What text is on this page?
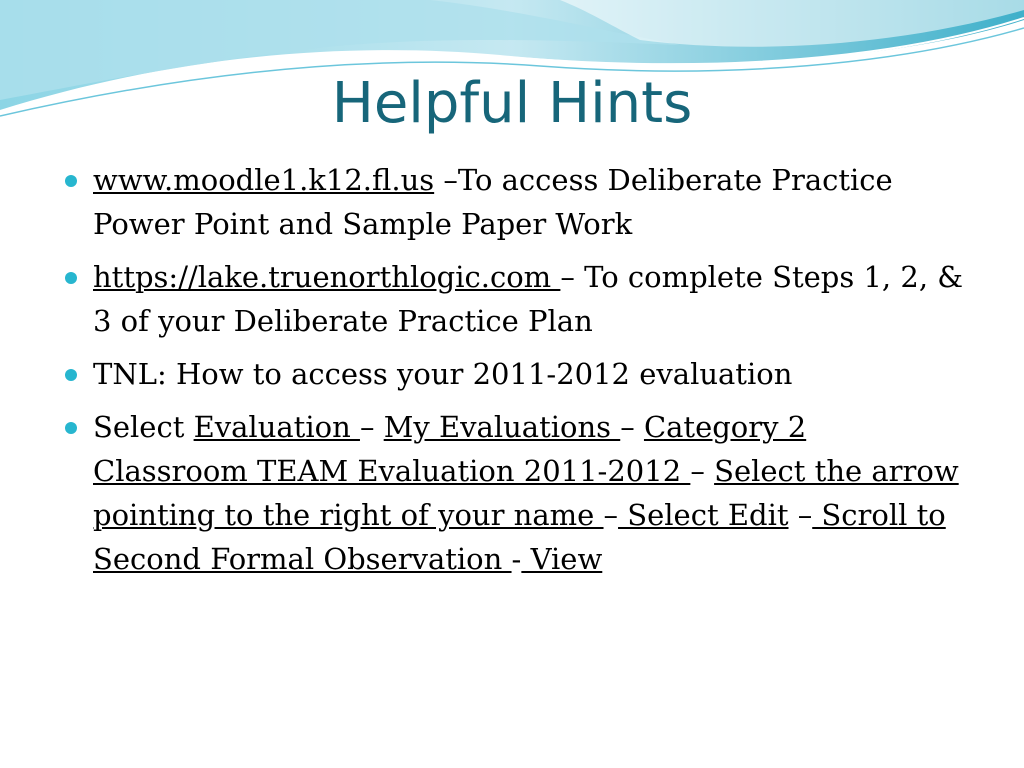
Helpful Hints
www.moodle1.k12.fl.us –To access Deliberate Practice Power Point and Sample Paper Work
https://lake.truenorthlogic.com – To complete Steps 1, 2, & 3 of your Deliberate Practice Plan
TNL: How to access your 2011-2012 evaluation
Select Evaluation – My Evaluations – Category 2 Classroom TEAM Evaluation 2011-2012 – Select the arrow pointing to the right of your name – Select Edit – Scroll to Second Formal Observation - View
